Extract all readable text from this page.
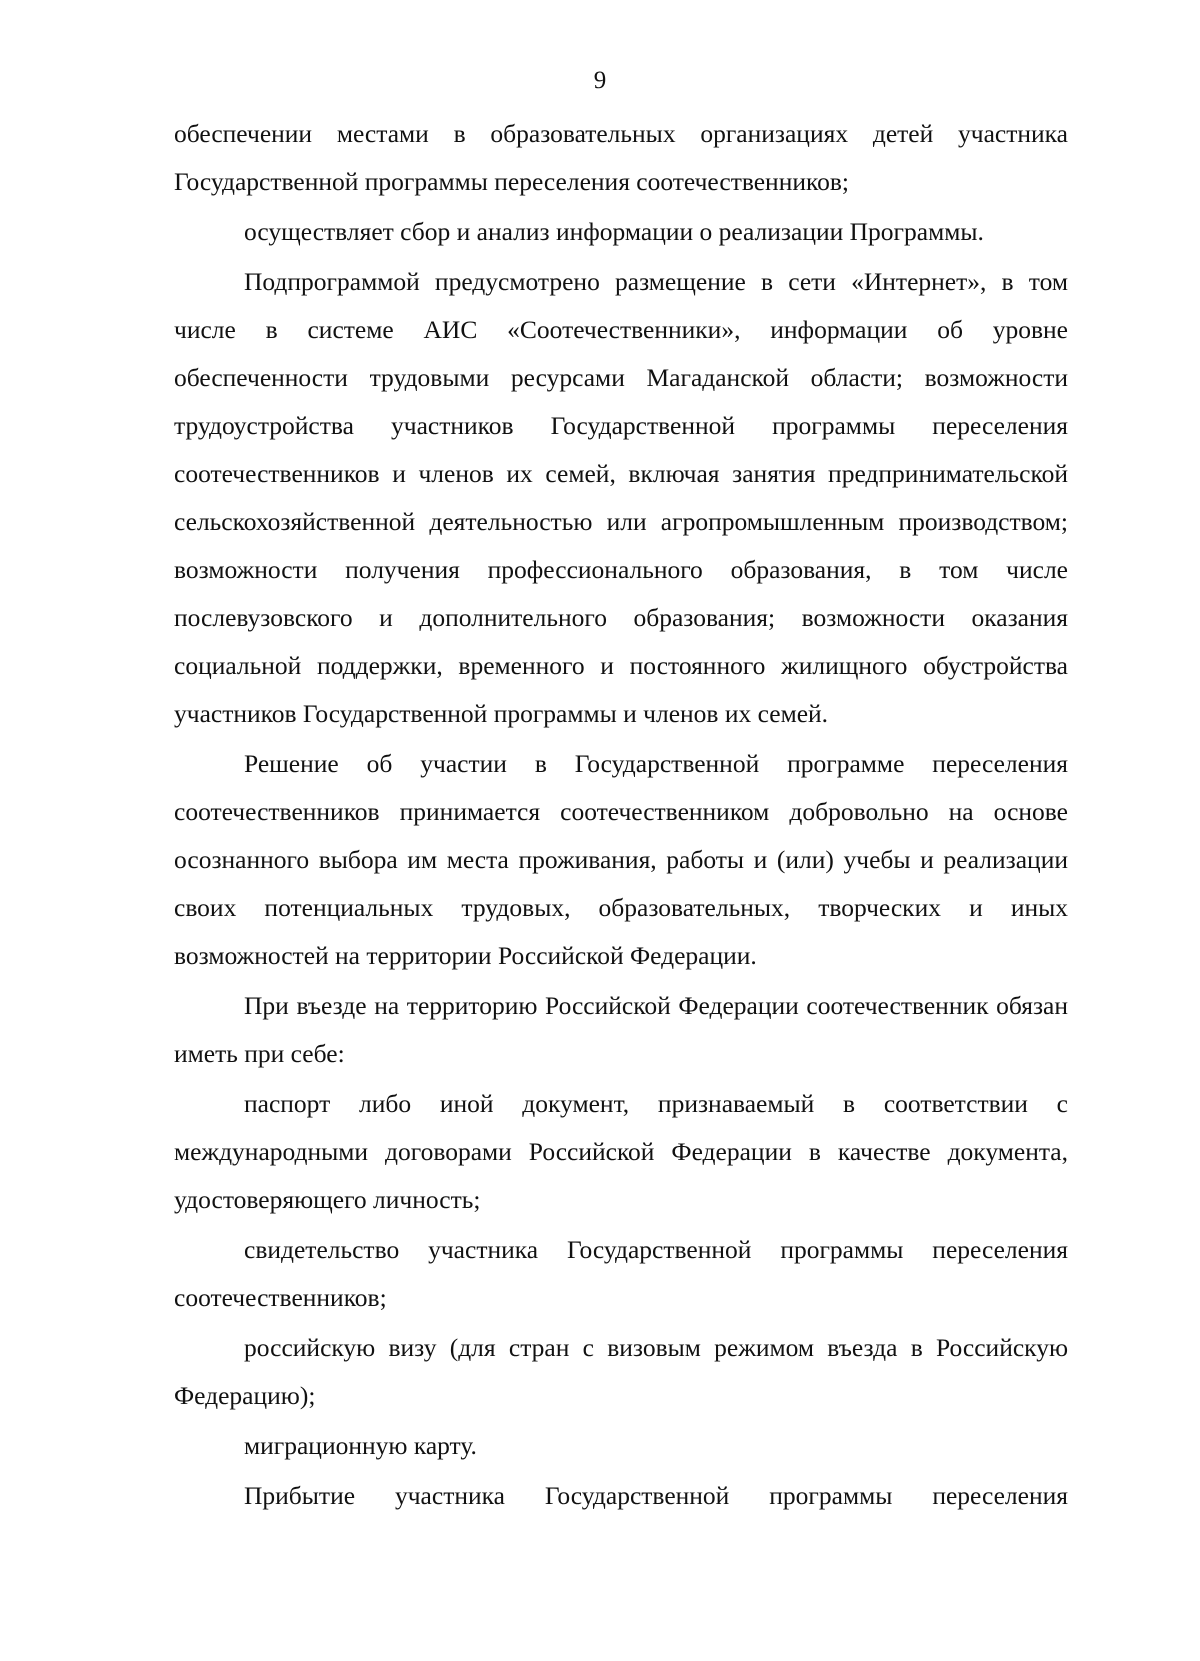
9

обеспечении местами в образовательных организациях детей участника Государственной программы переселения соотечественников;

осуществляет сбор и анализ информации о реализации Программы.

Подпрограммой предусмотрено размещение в сети «Интернет», в том числе в системе АИС «Соотечественники», информации об уровне обеспеченности трудовыми ресурсами Магаданской области; возможности трудоустройства участников Государственной программы переселения соотечественников и членов их семей, включая занятия предпринимательской сельскохозяйственной деятельностью или агропромышленным производством; возможности получения профессионального образования, в том числе послевузовского и дополнительного образования; возможности оказания социальной поддержки, временного и постоянного жилищного обустройства участников Государственной программы и членов их семей.

Решение об участии в Государственной программе переселения соотечественников принимается соотечественником добровольно на основе осознанного выбора им места проживания, работы и (или) учебы и реализации своих потенциальных трудовых, образовательных, творческих и иных возможностей на территории Российской Федерации.

При въезде на территорию Российской Федерации соотечественник обязан иметь при себе:

паспорт либо иной документ, признаваемый в соответствии с международными договорами Российской Федерации в качестве документа, удостоверяющего личность;

свидетельство участника Государственной программы переселения соотечественников;

российскую визу (для стран с визовым режимом въезда в Российскую Федерацию);

миграционную карту.

Прибытие участника Государственной программы переселения
